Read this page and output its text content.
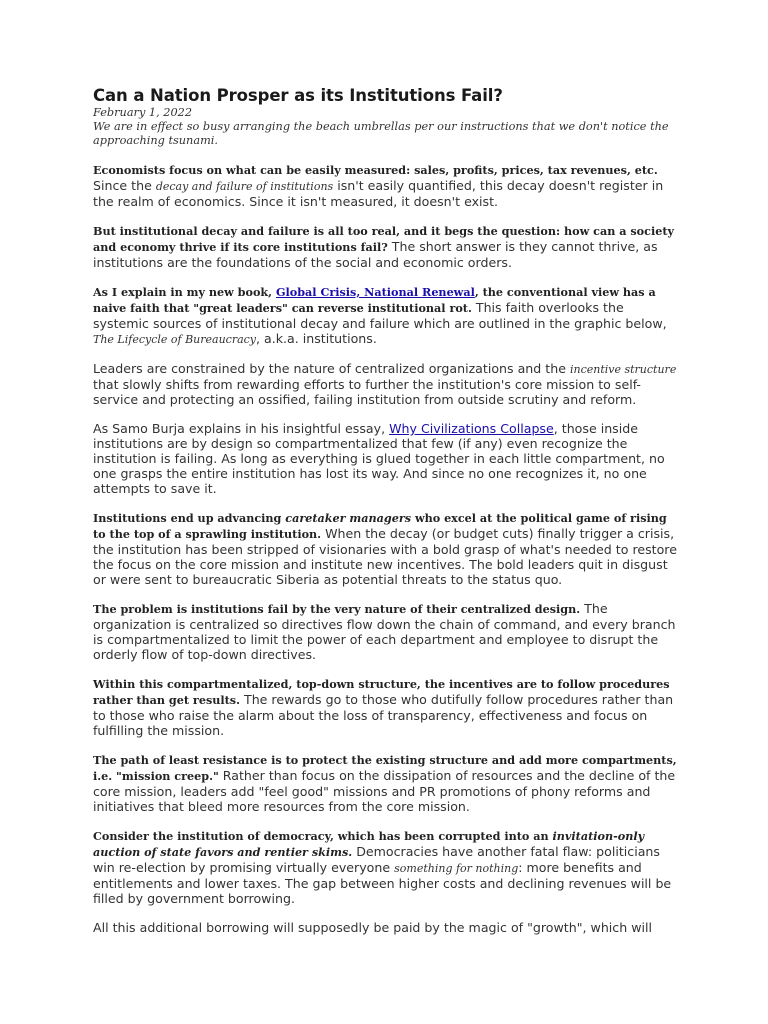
Can a Nation Prosper as its Institutions Fail?
February 1, 2022
We are in effect so busy arranging the beach umbrellas per our instructions that we don't notice the approaching tsunami.

Economists focus on what can be easily measured: sales, profits, prices, tax revenues, etc. Since the decay and failure of institutions isn't easily quantified, this decay doesn't register in the realm of economics. Since it isn't measured, it doesn't exist.

But institutional decay and failure is all too real, and it begs the question: how can a society and economy thrive if its core institutions fail? The short answer is they cannot thrive, as institutions are the foundations of the social and economic orders.

As I explain in my new book, Global Crisis, National Renewal, the conventional view has a naive faith that "great leaders" can reverse institutional rot. This faith overlooks the systemic sources of institutional decay and failure which are outlined in the graphic below, The Lifecycle of Bureaucracy, a.k.a. institutions.

Leaders are constrained by the nature of centralized organizations and the incentive structure that slowly shifts from rewarding efforts to further the institution's core mission to self-service and protecting an ossified, failing institution from outside scrutiny and reform.

As Samo Burja explains in his insightful essay, Why Civilizations Collapse, those inside institutions are by design so compartmentalized that few (if any) even recognize the institution is failing. As long as everything is glued together in each little compartment, no one grasps the entire institution has lost its way. And since no one recognizes it, no one attempts to save it.

Institutions end up advancing caretaker managers who excel at the political game of rising to the top of a sprawling institution. When the decay (or budget cuts) finally trigger a crisis, the institution has been stripped of visionaries with a bold grasp of what's needed to restore the focus on the core mission and institute new incentives. The bold leaders quit in disgust or were sent to bureaucratic Siberia as potential threats to the status quo.

The problem is institutions fail by the very nature of their centralized design. The organization is centralized so directives flow down the chain of command, and every branch is compartmentalized to limit the power of each department and employee to disrupt the orderly flow of top-down directives.

Within this compartmentalized, top-down structure, the incentives are to follow procedures rather than get results. The rewards go to those who dutifully follow procedures rather than to those who raise the alarm about the loss of transparency, effectiveness and focus on fulfilling the mission.

The path of least resistance is to protect the existing structure and add more compartments, i.e. "mission creep." Rather than focus on the dissipation of resources and the decline of the core mission, leaders add "feel good" missions and PR promotions of phony reforms and initiatives that bleed more resources from the core mission.

Consider the institution of democracy, which has been corrupted into an invitation-only auction of state favors and rentier skims. Democracies have another fatal flaw: politicians win re-election by promising virtually everyone something for nothing: more benefits and entitlements and lower taxes. The gap between higher costs and declining revenues will be filled by government borrowing.

All this additional borrowing will supposedly be paid by the magic of "growth", which will
